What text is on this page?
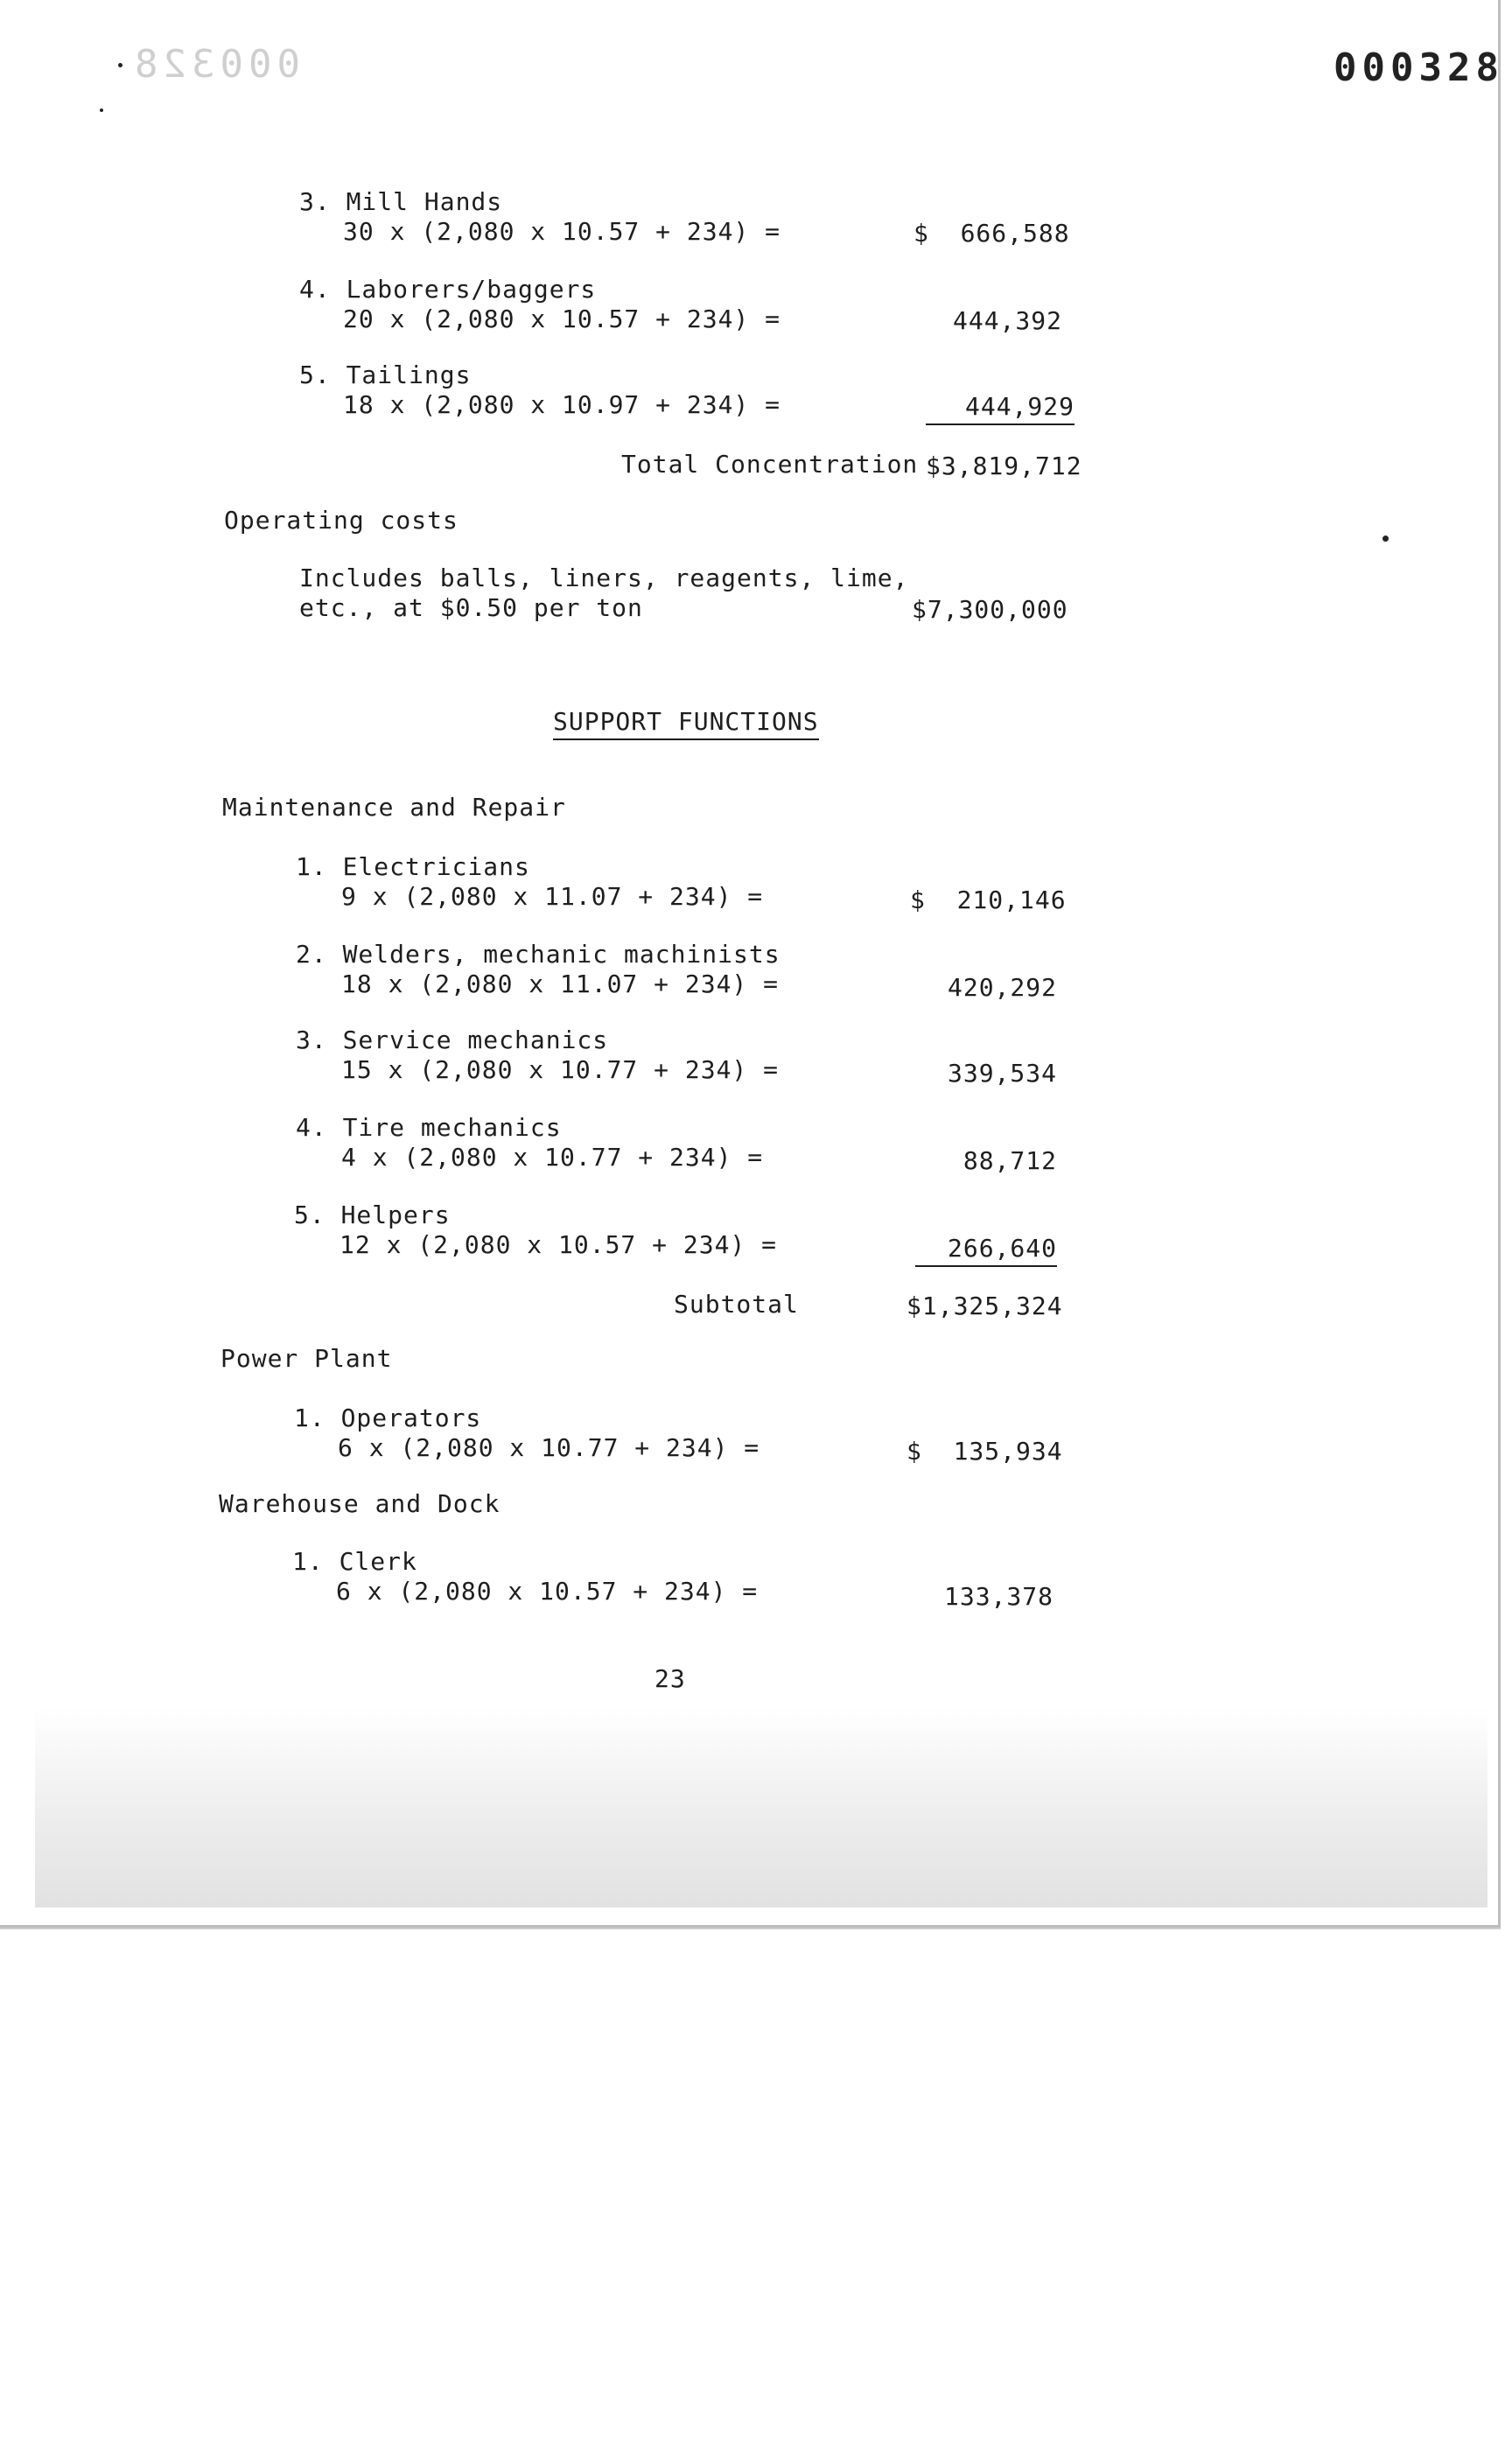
000328	000328
3. Mill Hands
30 x (2,080 x 10.57 + 234) =	$  666,588
4. Laborers/baggers
20 x (2,080 x 10.57 + 234) =	444,392
5. Tailings
18 x (2,080 x 10.97 + 234) =	444,929
Total Concentration $3,819,712
Operating costs
Includes balls, liners, reagents, lime,
etc., at $0.50 per ton	$7,300,000
SUPPORT FUNCTIONS
Maintenance and Repair
1. Electricians
9 x (2,080 x 11.07 + 234) =	$  210,146
2. Welders, mechanic machinists
18 x (2,080 x 11.07 + 234) =	420,292
3. Service mechanics
15 x (2,080 x 10.77 + 234) =	339,534
4. Tire mechanics
4 x (2,080 x 10.77 + 234) =	88,712
5. Helpers
12 x (2,080 x 10.57 + 234) =	266,640
Subtotal	$1,325,324
Power Plant
1. Operators
6 x (2,080 x 10.77 + 234) =	$  135,934
Warehouse and Dock
1. Clerk
6 x (2,080 x 10.57 + 234) =	133,378
23
